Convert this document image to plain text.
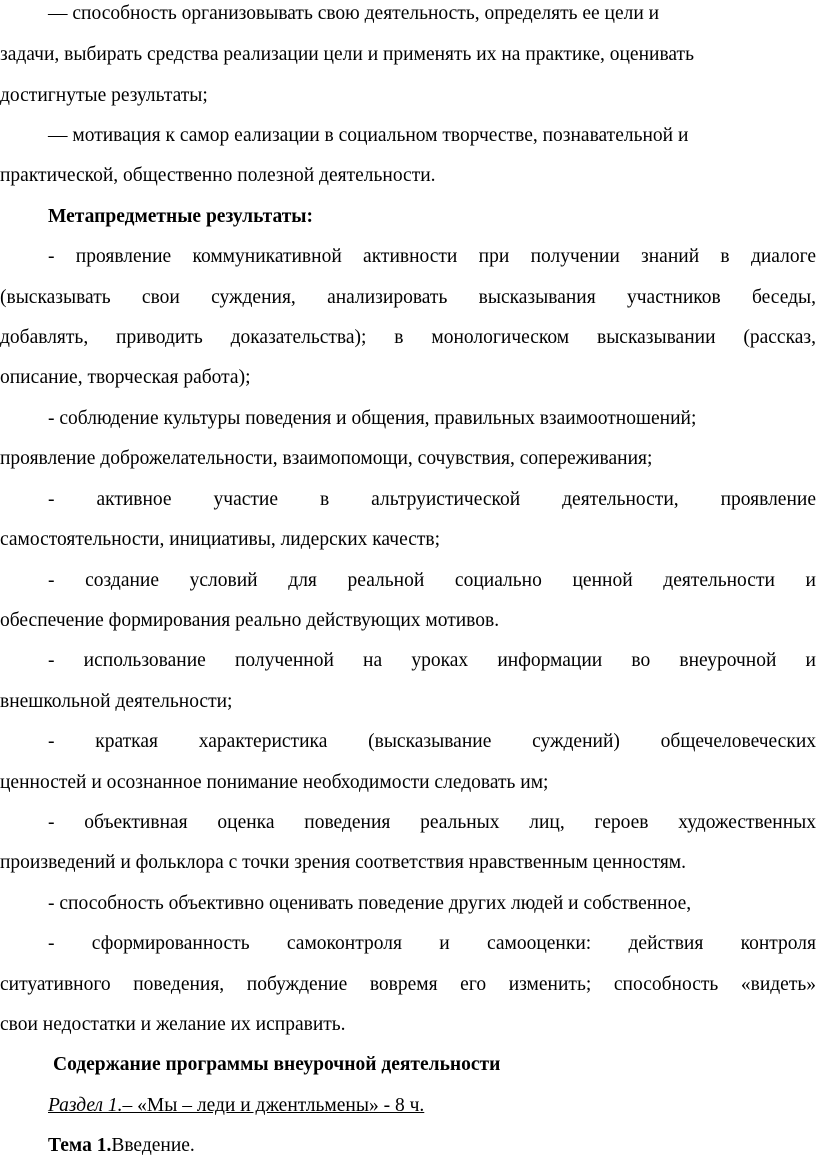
— способность организовывать свою деятельность, определять ее цели и
задачи, выбирать средства реализации цели и применять их на практике, оценивать
достигнутые результаты;
— мотивация к самор еализации в социальном творчестве, познавательной и
практической, общественно полезной деятельности.
Метапредметные результаты:
- проявление коммуникативной активности при получении знаний в диалоге
(высказывать свои суждения, анализировать высказывания участников беседы,
добавлять, приводить доказательства); в монологическом высказывании (рассказ,
описание, творческая работа);
- соблюдение культуры поведения и общения, правильных взаимоотношений;
проявление доброжелательности, взаимопомощи, сочувствия, сопереживания;
- активное участие в альтруистической деятельности, проявление
самостоятельности, инициативы, лидерских качеств;
- создание условий для реальной социально ценной деятельности и
обеспечение формирования реально действующих мотивов.
- использование полученной на уроках информации во внеурочной и
внешкольной деятельности;
- краткая характеристика (высказывание суждений) общечеловеческих
ценностей и осознанное понимание необходимости следовать им;
- объективная оценка поведения реальных лиц, героев художественных
произведений и фольклора с точки зрения соответствия нравственным ценностям.
- способность объективно оценивать поведение других людей и собственное,
- сформированность самоконтроля и самооценки: действия контроля
ситуативного поведения, побуждение вовремя его изменить; способность «видеть»
свои недостатки и желание их исправить.
Содержание программы внеурочной деятельности
Раздел 1.– «Мы – леди и джентльмены» - 8 ч.
Тема 1.Введение.
